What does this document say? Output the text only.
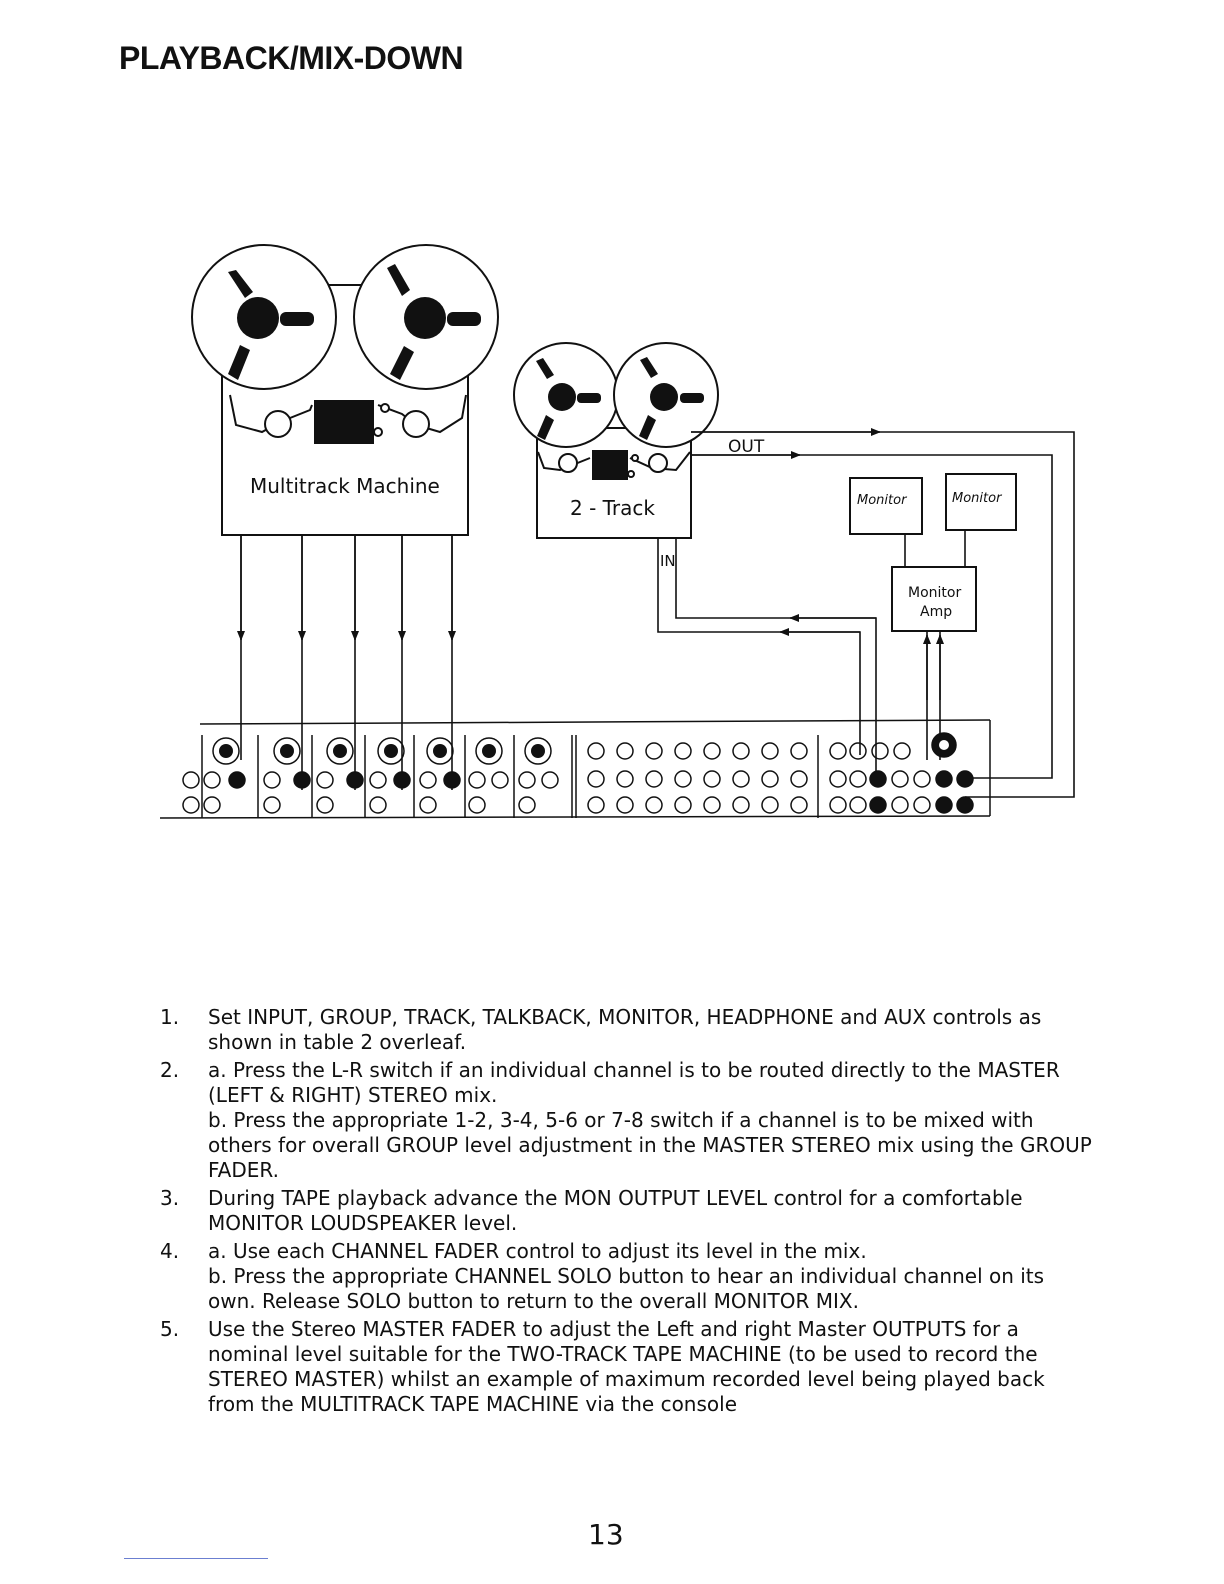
PLAYBACK/MIX-DOWN
Multitrack Machine
2 - Track
OUT
IN
Monitor	Monitor
Monitor
Amp
1. Set INPUT, GROUP, TRACK, TALKBACK, MONITOR, HEADPHONE and AUX controls as shown in table 2 overleaf.

2. a. Press the L-R switch if an individual channel is to be routed directly to the MASTER (LEFT & RIGHT) STEREO mix.

b. Press the appropriate 1-2, 3-4, 5-6 or 7-8 switch if a channel is to be mixed with others for overall GROUP level adjustment in the MASTER STEREO mix using the GROUP FADER.

3. During TAPE playback advance the MON OUTPUT LEVEL control for a comfortable MONITOR LOUDSPEAKER level.

4. a. Use each CHANNEL FADER control to adjust its level in the mix.

b. Press the appropriate CHANNEL SOLO button to hear an individual channel on its own. Release SOLO button to return to the overall MONITOR MIX.

5. Use the Stereo MASTER FADER to adjust the Left and right Master OUTPUTS for a nominal level suitable for the TWO-TRACK TAPE MACHINE (to be used to record the STEREO MASTER) whilst an example of maximum recorded level being played back from the MULTITRACK TAPE MACHINE via the console

13
